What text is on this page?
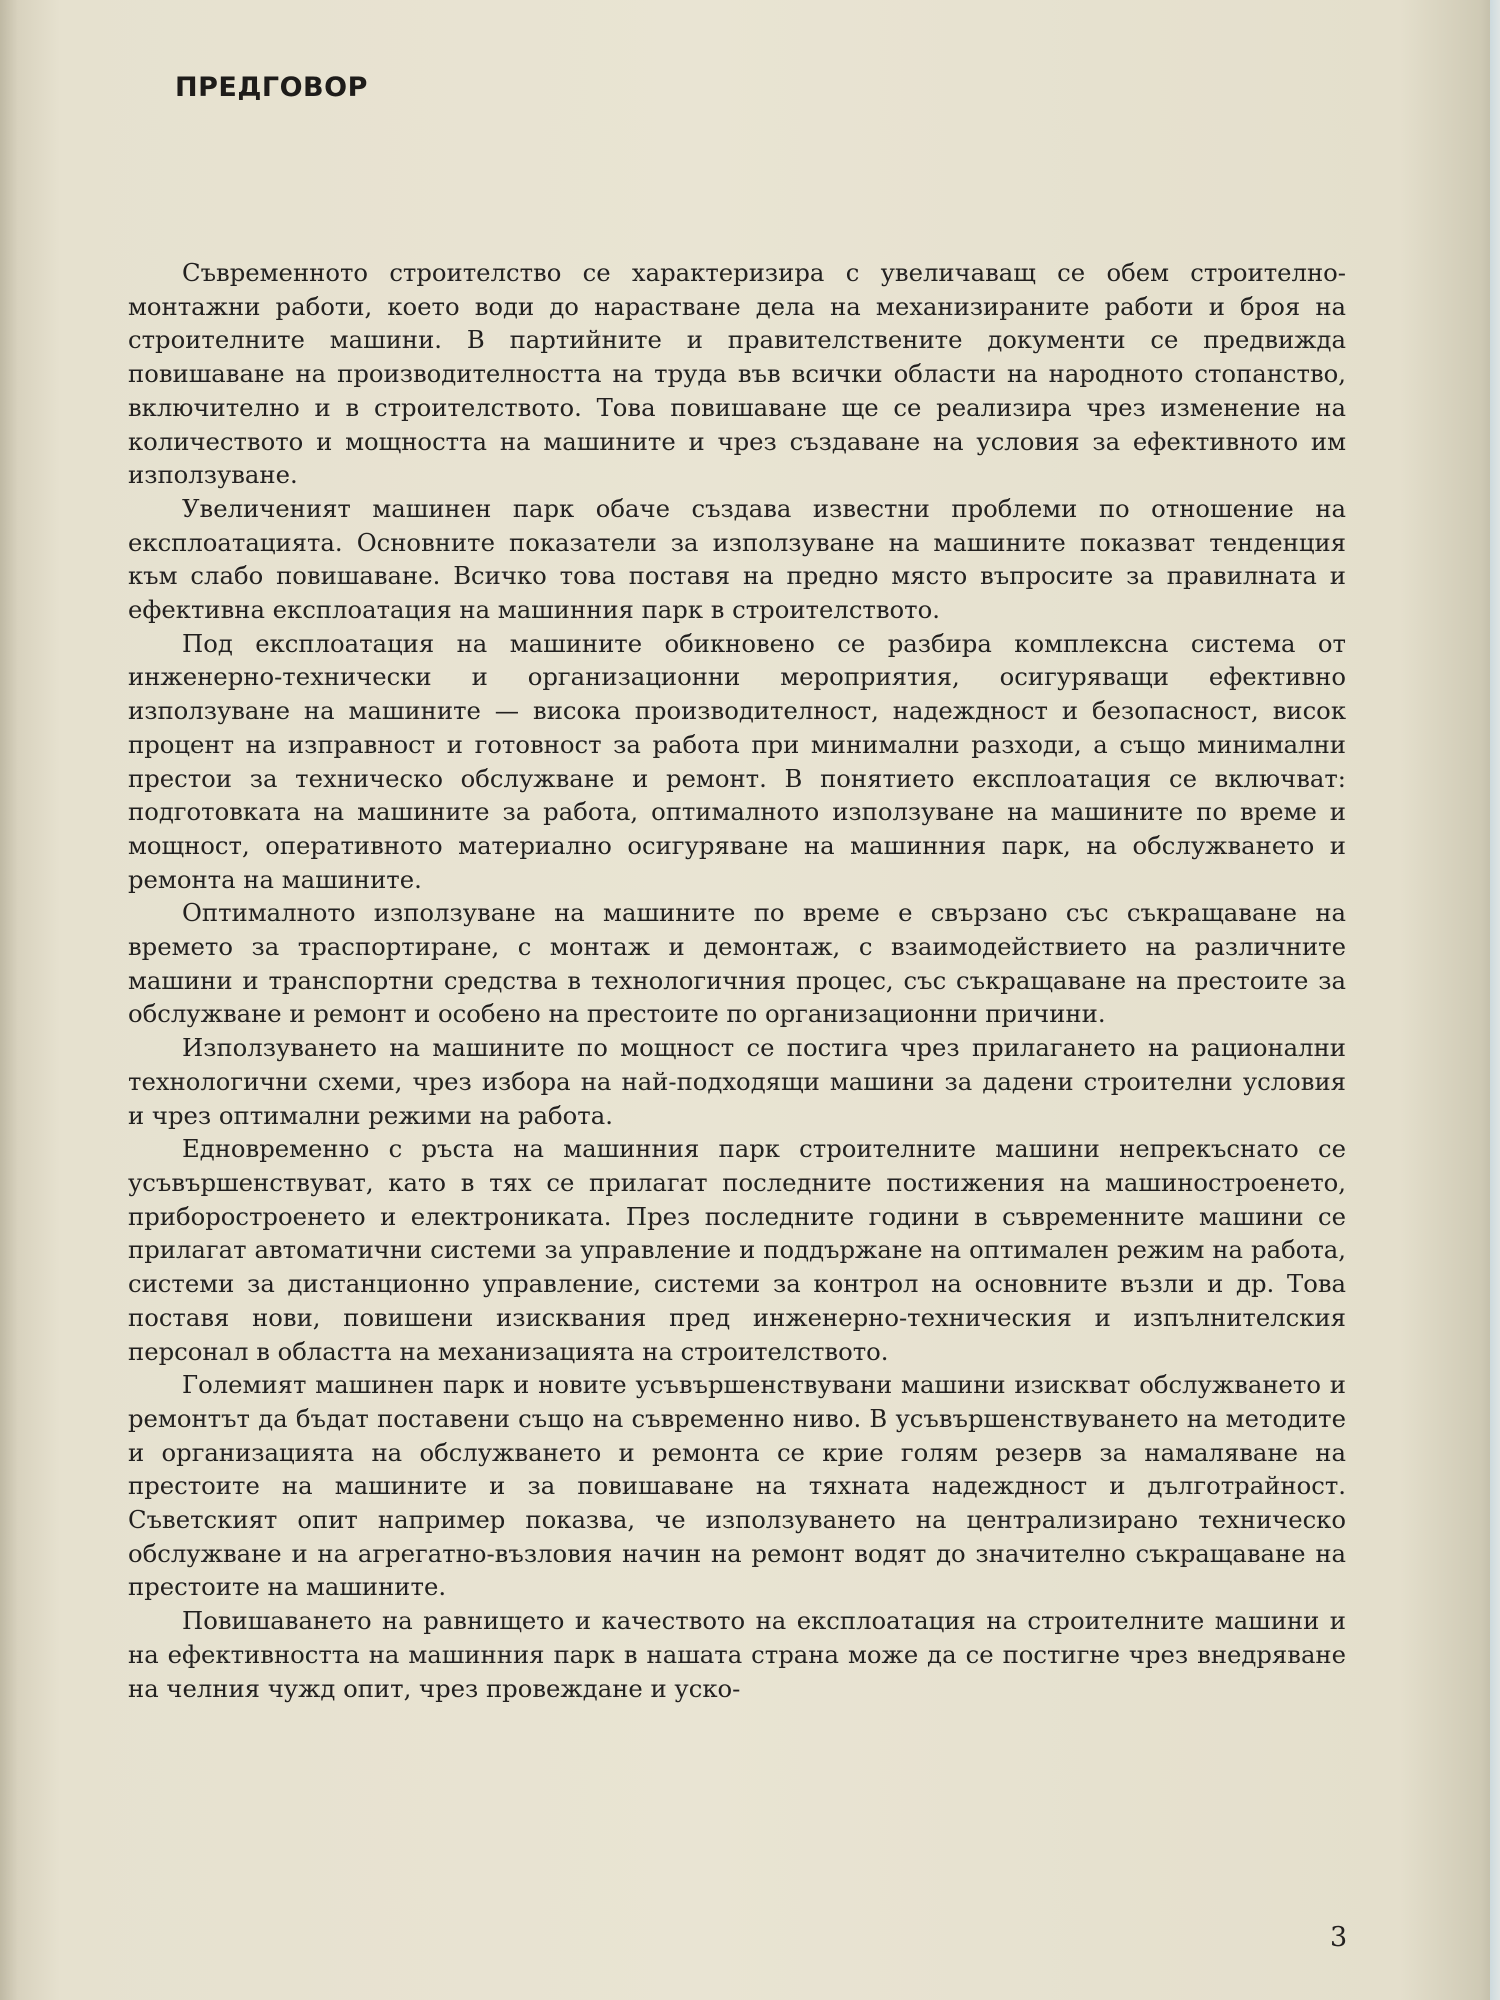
ПРЕДГОВОР

Съвременното строителство се характеризира с увеличаващ се обем строително-монтажни работи, което води до нарастване дела на механизираните работи и броя на строителните машини. В партийните и правителствените документи се предвижда повишаване на производителността на труда във всички области на народното стопанство, включително и в строителството. Това повишаване ще се реализира чрез изменение на количеството и мощността на машините и чрез създаване на условия за ефективното им използуване.

Увеличеният машинен парк обаче създава известни проблеми по отношение на експлоатацията. Основните показатели за използуване на машините показват тенденция към слабо повишаване. Всичко това поставя на предно място въпросите за правилната и ефективна експлоатация на машинния парк в строителството.

Под експлоатация на машините обикновено се разбира комплексна система от инженерно-технически и организационни мероприятия, осигуряващи ефективно използуване на машините — висока производителност, надеждност и безопасност, висок процент на изправност и готовност за работа при минимални разходи, а също минимални престои за техническо обслужване и ремонт. В понятието експлоатация се включват: подготовката на машините за работа, оптималното използуване на машините по време и мощност, оперативното материално осигуряване на машинния парк, на обслужването и ремонта на машините.

Оптималното използуване на машините по време е свързано със съкращаване на времето за траспортиране, с монтаж и демонтаж, с взаимодействието на различните машини и транспортни средства в технологичния процес, със съкращаване на престоите за обслужване и ремонт и особено на престоите по организационни причини.

Използуването на машините по мощност се постига чрез прилагането на рационални технологични схеми, чрез избора на най-подходящи машини за дадени строителни условия и чрез оптимални режими на работа.

Едновременно с ръста на машинния парк строителните машини непрекъснато се усъвършенствуват, като в тях се прилагат последните постижения на машиностроенето, приборостроенето и електрониката. През последните години в съвременните машини се прилагат автоматични системи за управление и поддържане на оптимален режим на работа, системи за дистанционно управление, системи за контрол на основните възли и др. Това поставя нови, повишени изисквания пред инженерно-техническия и изпълнителския персонал в областта на механизацията на строителството.

Големият машинен парк и новите усъвършенствувани машини изискват обслужването и ремонтът да бъдат поставени също на съвременно ниво. В усъвършенствуването на методите и организацията на обслужването и ремонта се крие голям резерв за намаляване на престоите на машините и за повишаване на тяхната надеждност и дълготрайност. Съветският опит например показва, че използуването на централизирано техническо обслужване и на агрегатно-възловия начин на ремонт водят до значително съкращаване на престоите на машините.

Повишаването на равнището и качеството на експлоатация на строителните машини и на ефективността на машинния парк в нашата страна може да се постигне чрез внедряване на челния чужд опит, чрез провеждане и уско-

3
